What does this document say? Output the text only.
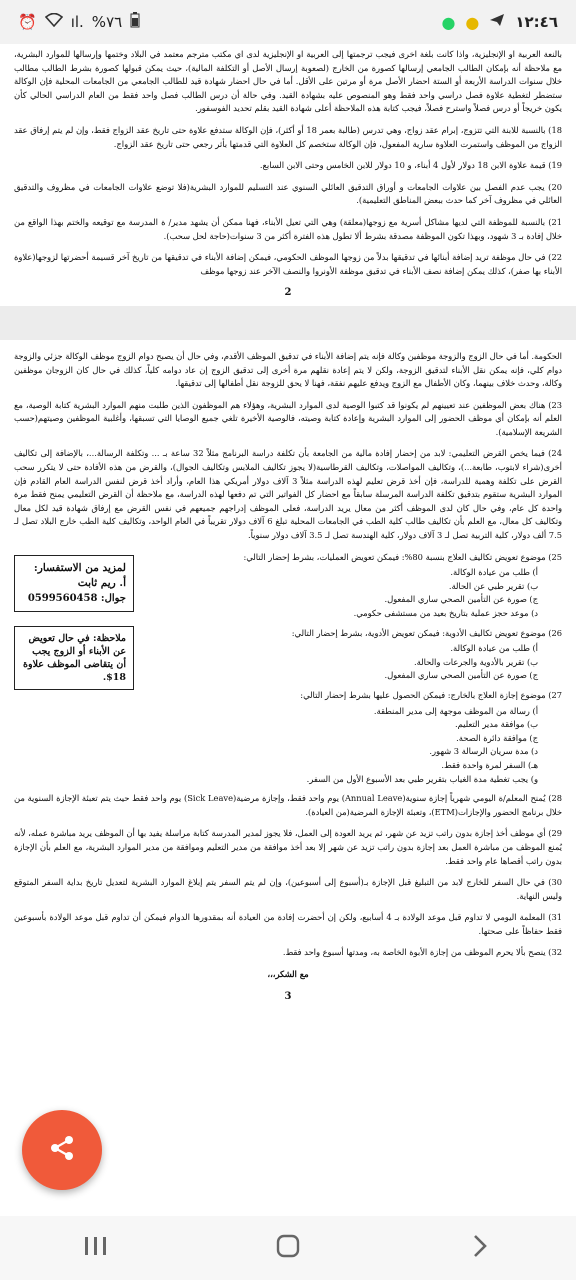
⏰ ıl. %٧٦	● ● ١٢:٤٦

بالنعة العربية او الإنجليزية، واذا كانت بلغة اخرى فيجب ترجمتها إلى العربية او الإنجليزية لدى اي مكتب مترجم معتمد في البلاد وختمها وإرسالها للموارد البشرية، مع ملاحظة أنه بإمكان الطالب الجامعي إرسالها كصورة من الخارج (لصعوبة إرسال الأصل أو التكلفة المالية)، حيث يمكن قبولها كصورة بشرط الطالب مطالب خلال سنوات الدراسة الأربعة أو الستة احضار الأصل مرة أو مرتين على الأقل. أما في حال احضار شهادة قيد للطالب الجامعي من الجامعات المحلية فإن الوكالة ستضطر لتغطية علاوة فصل دراسي واحد فقط وهو المنصوص عليه بشهادة القيد. وفي حالة أن درس الطالب فصل واحد فقط من العام الدراسي الحالي كأن يكون خريجاً أو درس فصلاً واسترح فصلاً، فيجب كتابة هذه الملاحظة أعلى شهادة القيد بقلم تحديد الفوسفور.

18) بالنسبة للابنة التي تتزوج، إبرام عقد زواج، وهي تدرس (طالبة بعمر 18 أو أكثر)، فإن الوكالة ستدفع علاوة حتى تاريخ عقد الزواج فقط، وإن لم يتم إرفاق عقد الزواج من الموظف واستمرت العلاوة سارية المفعول، فإن الوكالة ستخصم كل العلاوة التي قدمتها بأثر رجعي حتى تاريخ عقد الزواج.

19) قيمة علاوة الابن 18 دولار لأول 4 أبناء، و 10 دولار للابن الخامس وحتى الابن السابع.

20) يجب عدم الفصل بين علاوات الجامعات و أوراق التدقيق العائلي السنوي عند التسليم للموارد البشرية(فلا توضع علاوات الجامعات في مظروف والتدقيق العائلي في مظروف آخر كما حدث ببعض المناطق التعليمية).

21) بالنسبة للموظفة التي لديها مشاكل أسرية مع زوجها(معلقة) وهي التي تعيل الأبناء، فهنا ممكن أن يشهد مدير/ ة المدرسة مع توقيعه والختم بهذا الواقع من خلال إفادة بـ 3 شهود، وبهذا تكون الموظفة مصدقة بشرط ألا تطول هذه الفترة أكثر من 3 سنوات(حاجة لحل سحب).

22) في حال موظفة تريد إضافة أبنائها في تدقيقها بدلاً من زوجها الموظف الحكومي، فيمكن إضافة الأبناء في تدقيقها من تاريخ آخر قسيمة أحضرتها لزوجها(علاوة الأبناء بها صفر)، كذلك يمكن إضافة نصف الأبناء في تدقيق موظفة الأونروا والنصف الآخر عند زوجها موظف

2

الحكومة. أما في حال الزوج والزوجة موظفين وكالة فإنه يتم إضافة الأبناء في تدقيق الموظف الأقدم، وفي حال أن يصبح دوام الزوج موظف الوكالة جزئي والزوجة دوام كلي، فإنه يمكن نقل الأبناء لتدقيق الزوجة، ولكن لا يتم إعادة نقلهم مرة أخرى إلى تدقيق الزوج إن عاد دوامه كلياً، كذلك في حال كان الزوجان موظفين وكالة، وحدث خلاف بينهما، وكان الأطفال مع الزوج ويدفع عليهم نفقة، فهنا لا يحق للزوجة نقل أطفالها إلى تدقيقها.

23) هناك بعض الموظفين عند تعيينهم لم يكونوا قد كتبوا الوصية لدى الموارد البشرية، وهؤلاء هم الموظفون الذين طلبت منهم الموارد البشرية كتابة الوصية، مع العلم أنه بإمكان أي موظف الحضور إلى الموارد البشرية وإعادة كتابة وصيته، فالوصية الأخيرة تلغي جميع الوصايا التي تسبقها، وأغلبية الموظفين وصيتهم(حسب الشريعة الإسلامية).

24) فيما يخص القرض التعليمي: لابد من إحضار إفادة مالية من الجامعة بأن تكلفة دراسة البرنامج مثلاً 32 ساعة بـ ... وتكلفة الرسالة...، بالإضافة إلى تكاليف أخرى(شراء لابتوب، طابعة...)، وتكاليف المواصلات، وتكاليف القرطاسية(لا يجوز تكاليف الملابس وتكاليف الجوال)، والقرض من هذه الأفادة حتى لا يتكرر سحب القرض على تكلفة وهمية للدراسة، فإن أخذ قرض تعليم لهذه الدراسة مثلاً 3 آلاف دولار أمريكي هذا العام، وأراد أخذ قرض لنفس الدراسة العام القادم فإن الموارد البشرية ستقوم بتدقيق تكلفة الدراسة المرسلة سابقاً مع احضار كل الفواتير التي تم دفعها لهذه الدراسة، مع ملاحظة أن القرض التعليمي يمنح فقط مرة واحدة كل عام، وفي حال كان لدى الموظف أكثر من معال يريد الدراسة، فعلى الموظف إدراجهم جميعهم في نفس القرض مع إرفاق شهادة قيد لكل معال وتكاليف كل معال، مع العلم بأن تكاليف طالب كلية الطب في الجامعات المحلية تبلغ 6 آلاف دولار تقريباً في العام الواحد، وتكاليف كلية الطب خارج البلاد تصل لـ 7.5 ألف دولار، كلية التربية تصل لـ 3 آلاف دولار، كلية الهندسة تصل لـ 3.5 آلاف دولار سنوياً.

25) موضوع تعويض تكاليف العلاج بنسبة 80%: فيمكن تعويض العمليات، بشرط إحضار التالي:

أ) طلب من عيادة الوكالة.
ب) تقرير طبي عن الحالة.
ج) صورة عن التأمين الصحي ساري المفعول.
د) موعد حجز عملية بتاريخ بعيد من مستشفى حكومي.

26) موضوع تعويض تكاليف الأدوية: فيمكن تعويض الأدوية، بشرط إحضار التالي:

أ) طلب من عيادة الوكالة.
ب) تقرير بالأدوية والجرعات والحالة.
ج) صورة عن التأمين الصحي ساري المفعول.

27) موضوع إجازة العلاج بالخارج: فيمكن الحصول عليها بشرط إحضار التالي:

أ) رسالة من الموظف موجهة إلى مدير المنطقة.
ب) موافقة مدير التعليم.
ج) موافقة دائرة الصحة.
د) مدة سريان الرسالة 3 شهور.
هـ) السفر لمرة واحدة فقط.
و) يجب تغطية مدة الغياب بتقرير طبي بعد الأسبوع الأول من السفر.
لمزيد من الاستفسار:
أ. ريم ثابت
جوال: 0599560458
ملاحظة: في حال تعويض عن الأبناء أو الزوج يجب أن يتقاضى الموظف علاوة 18$.

28) يُمنح المعلم/ة اليومي شهرياً إجازة سنوية(Annual Leave) يوم واحد فقط، وإجازة مرضية(Sick Leave) يوم واحد فقط حيث يتم تعبئة الإجازة السنوية من خلال برنامج الحضور والإجازات(ETM)، وتعبئة الإجازة المرضية(من العيادة).

29) أي موظف أخذ إجازة بدون راتب تزيد عن شهر، ثم يريد العودة إلى العمل، فلا يجوز لمدير المدرسة كتابة مراسلة يفيد بها أن الموظف يريد مباشرة عمله، لأنه يُمنع الموظف من مباشرة العمل بعد إجازة بدون راتب تزيد عن شهر إلا بعد أخذ موافقة من مدير التعليم وموافقة من مدير الموارد البشرية، مع العلم بأن الإجازة بدون راتب أقصاها عام واحد فقط.

30) في حال السفر للخارج لابد من التبليغ قبل الإجازة بـ(أسبوع إلى أسبوعين)، وإن لم يتم السفر يتم إبلاغ الموارد البشرية لتعديل تاريخ بداية السفر المتوقع وليس النهاية.

31) المعلمة اليومي لا تداوم قبل موعد الولادة بـ 4 أسابيع، ولكن إن أحضرت إفادة من العيادة أنه بمقدورها الدوام فيمكن أن تداوم قبل موعد الولادة بأسبوعين فقط حفاظاً على صحتها.

32) ينصح بألا يحرم الموظف من إجازة الأبوة الخاصة به، ومدتها أسبوع واحد فقط.

مع الشكر،،،

3
